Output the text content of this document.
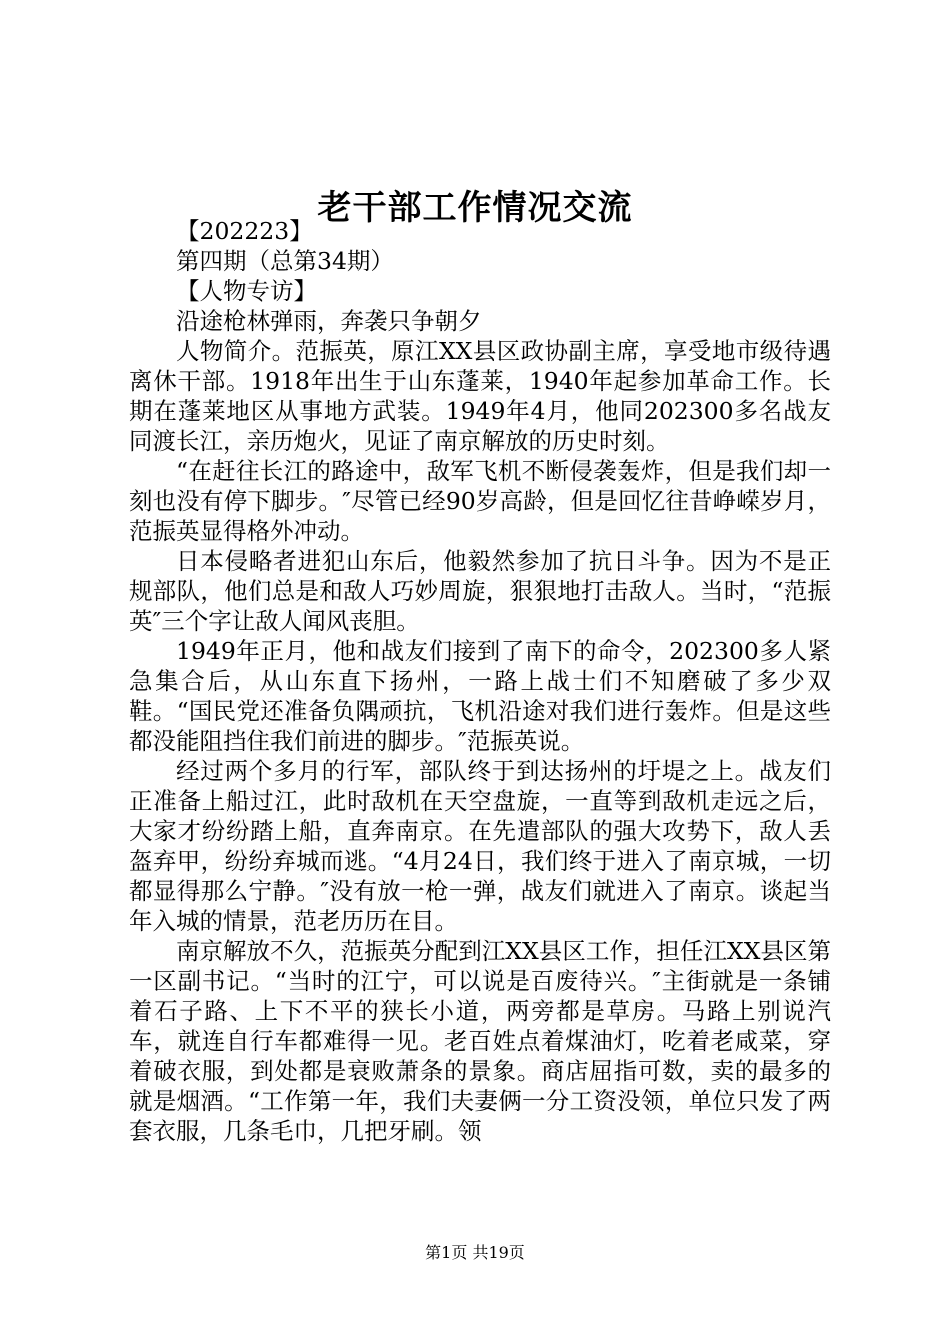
老干部工作情况交流

【202223】

第四期（总第34期）

【人物专访】

沿途枪林弹雨，奔袭只争朝夕

人物简介。范振英，原江XX县区政协副主席，享受地市级待遇离休干部。1918年出生于山东蓬莱，1940年起参加革命工作。长期在蓬莱地区从事地方武装。1949年4月，他同202300多名战友同渡长江，亲历炮火，见证了南京解放的历史时刻。

“在赶往长江的路途中，敌军飞机不断侵袭轰炸，但是我们却一刻也没有停下脚步。″尽管已经90岁高龄，但是回忆往昔峥嵘岁月，范振英显得格外冲动。

日本侵略者进犯山东后，他毅然参加了抗日斗争。因为不是正规部队，他们总是和敌人巧妙周旋，狠狠地打击敌人。当时，“范振英″三个字让敌人闻风丧胆。

1949年正月，他和战友们接到了南下的命令，202300多人紧急集合后，从山东直下扬州，一路上战士们不知磨破了多少双鞋。“国民党还准备负隅顽抗，飞机沿途对我们进行轰炸。但是这些都没能阻挡住我们前进的脚步。″范振英说。

经过两个多月的行军，部队终于到达扬州的圩堤之上。战友们正准备上船过江，此时敌机在天空盘旋，一直等到敌机走远之后，大家才纷纷踏上船，直奔南京。在先遣部队的强大攻势下，敌人丢盔弃甲，纷纷弃城而逃。“4月24日，我们终于进入了南京城，一切都显得那么宁静。″没有放一枪一弹，战友们就进入了南京。谈起当年入城的情景，范老历历在目。

南京解放不久，范振英分配到江XX县区工作，担任江XX县区第一区副书记。“当时的江宁，可以说是百废待兴。″主街就是一条铺着石子路、上下不平的狭长小道，两旁都是草房。马路上别说汽车，就连自行车都难得一见。老百姓点着煤油灯，吃着老咸菜，穿着破衣服，到处都是衰败萧条的景象。商店屈指可数，卖的最多的就是烟酒。“工作第一年，我们夫妻俩一分工资没领，单位只发了两套衣服，几条毛巾，几把牙刷。领

第1页 共19页
